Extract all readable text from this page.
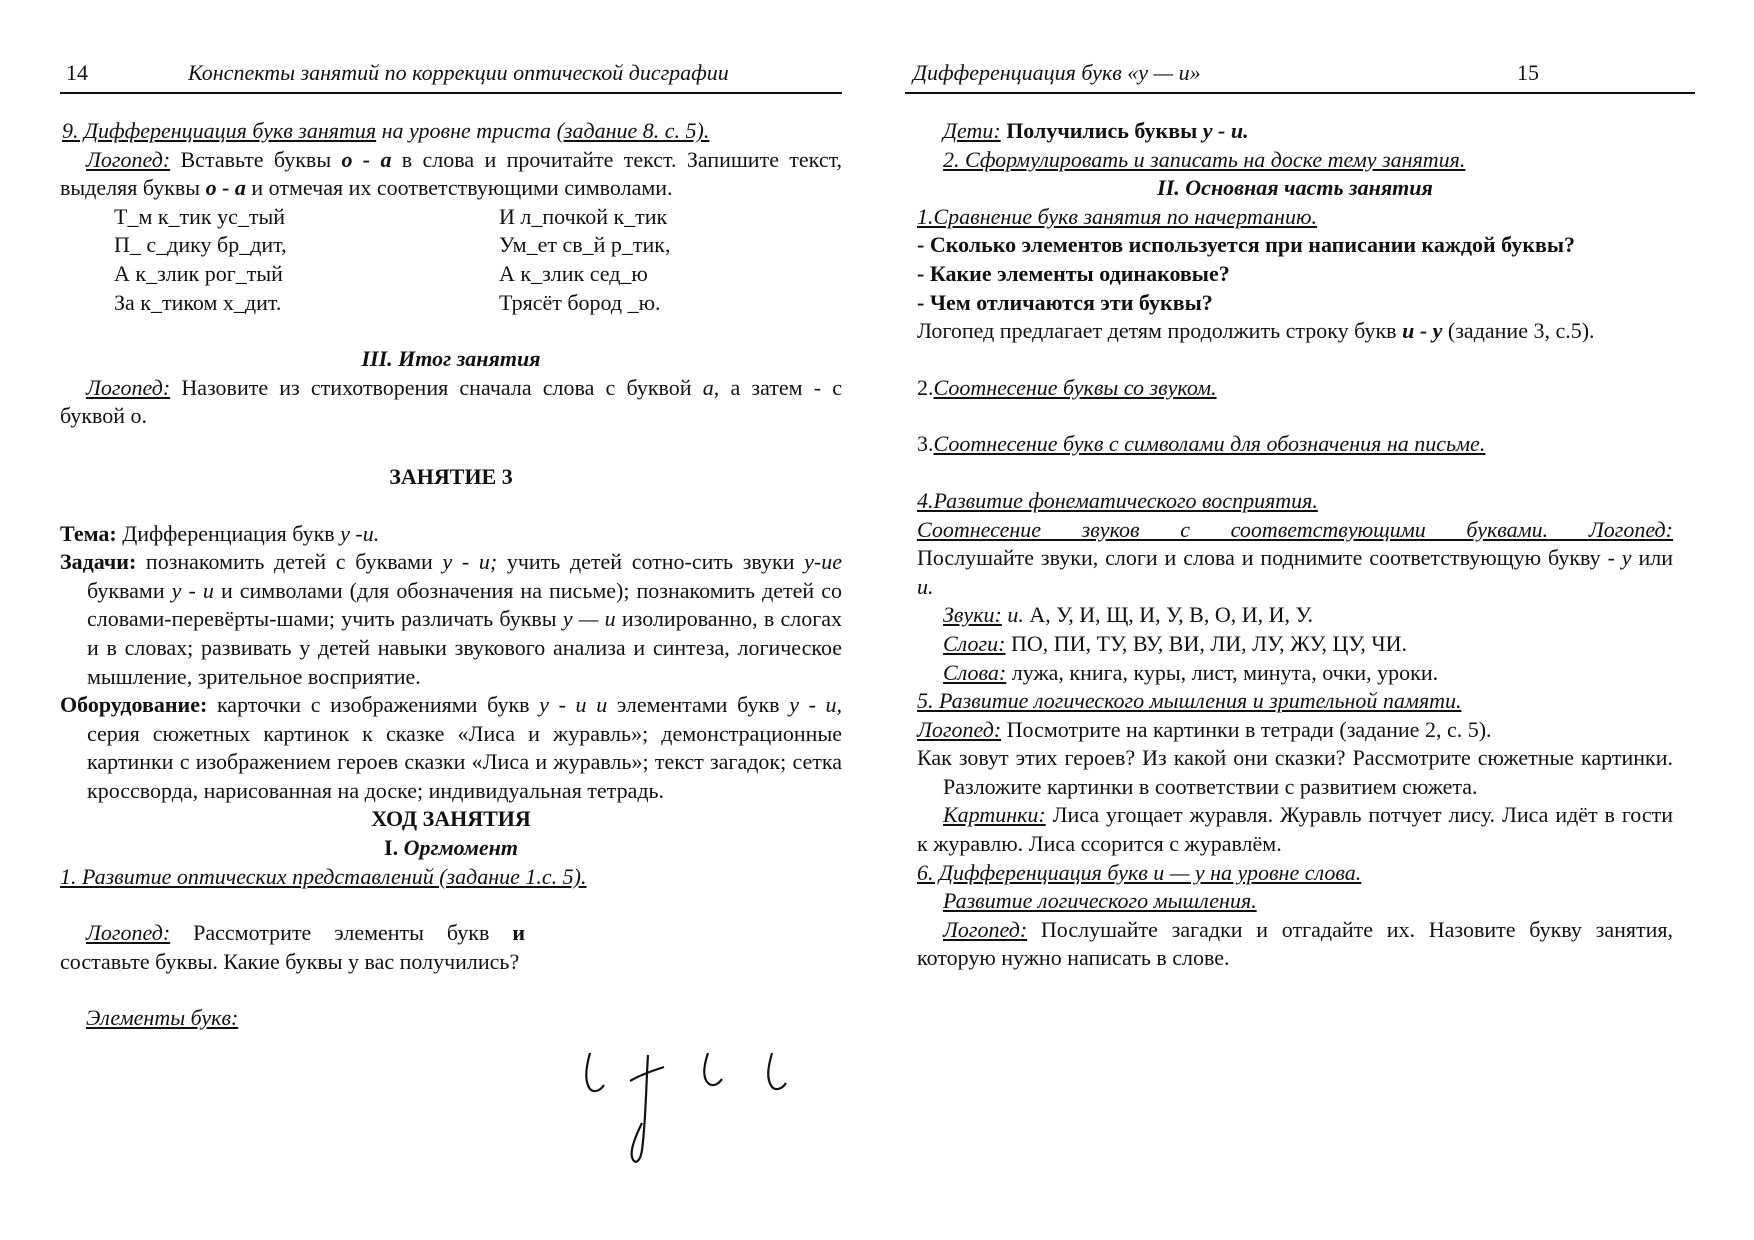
14	Конспекты занятий по коррекции оптической дисграфии

9. Дифференциация букв занятия на уровне триста (задание 8. с. 5).

Логопед: Вставьте буквы о - а в слова и прочитайте текст. Запишите текст, выделяя буквы о - а и отмечая их соответствующими символами.

Т_м к_тик ус_тый	И л_почкой к_тик
П_ с_дику бр_дит,	Ум_ет св_й р_тик,
А к_злик рог_тый	А к_злик сед_ю
За к_тиком х_дит.	Трясёт бород _ю.

III. Итог занятия

Логопед: Назовите из стихотворения сначала слова с буквой а, а затем - с буквой о.

ЗАНЯТИЕ 3

Тема: Дифференциация букв у -и.

Задачи: познакомить детей с буквами у - и; учить детей сотно-сить звуки у-ие буквами у - и и символами (для обозначения на письме); познакомить детей со словами-перевёрты-шами; учить различать буквы у — и изолированно, в слогах и в словах; развивать у детей навыки звукового анализа и синтеза, логическое мышление, зрительное восприятие.

Оборудование: карточки с изображениями букв у - и и элементами букв у - и, серия сюжетных картинок к сказке «Лиса и журавль»; демонстрационные картинки с изображением героев сказки «Лиса и журавль»; текст загадок; сетка кроссворда, нарисованная на доске; индивидуальная тетрадь.

ХОД ЗАНЯТИЯ

I. Оргмомент

1. Развитие оптических представлений (задание 1.с. 5).

Логопед: Рассмотрите элементы букв и составьте буквы. Какие буквы у вас получились?

Элементы букв:

Дифференциация букв «у — и»	15

Дети: Получились буквы у - и.

2. Сформулировать и записать на доске тему занятия.

II. Основная часть занятия

1.Сравнение букв занятия по начертанию.

- Сколько элементов используется при написании каждой буквы?

- Какие элементы одинаковые?

- Чем отличаются эти буквы?

Логопед предлагает детям продолжить строку букв и - у (задание 3, с.5).

2.Соотнесение буквы со звуком.

3.Соотнесение букв с символами для обозначения на письме.

4.Развитие фонематического восприятия.

Соотнесение звуков с соответствующими буквами. Логопед:

Послушайте звуки, слоги и слова и поднимите соответствующую букву - у или и.

Звуки: и. А, У, И, Щ, И, У, В, О, И, И, У.

Слоги: ПО, ПИ, ТУ, ВУ, ВИ, ЛИ, ЛУ, ЖУ, ЦУ, ЧИ.

Слова: лужа, книга, куры, лист, минута, очки, уроки.

5. Развитие логического мышления и зрительной памяти.

Логопед: Посмотрите на картинки в тетради (задание 2, с. 5).

Как зовут этих героев? Из какой они сказки? Рассмотрите сюжетные картинки. Разложите картинки в соответствии с развитием сюжета.

Картинки: Лиса угощает журавля. Журавль потчует лису. Лиса идёт в гости к журавлю. Лиса ссорится с журавлём.

6. Дифференциация букв и — у на уровне слова.

Развитие логического мышления.

Логопед: Послушайте загадки и отгадайте их. Назовите букву занятия, которую нужно написать в слове.
